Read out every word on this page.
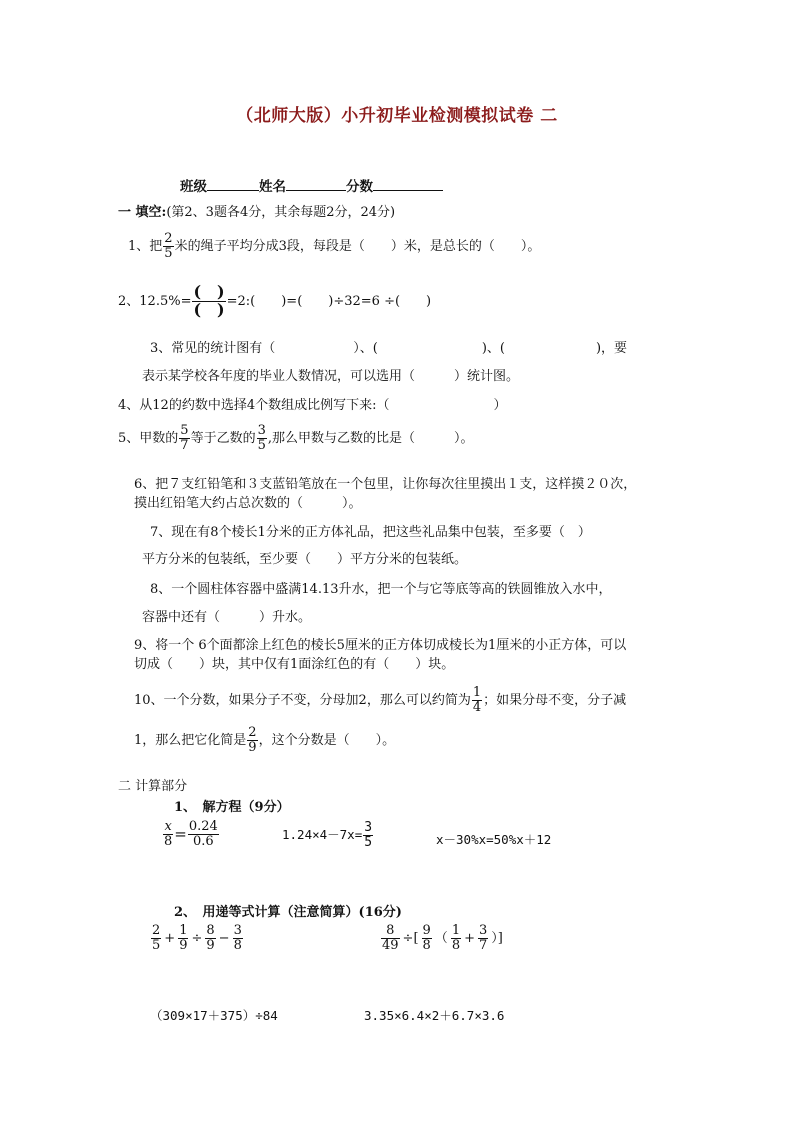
（北师大版）小升初毕业检测模拟试卷 二
班级	姓名	分数
一 填空:(第2、3题各4分，其余每题2分，24分)
1、把 $\frac{2}{5}$ 米的绳子平均分成3段，每段是（　　）米，是总长的（　　）。
2、$12.5\%= \frac{( )}{( )}$ =2:(　　)=(　　)÷32=6 ÷(　　)
3、常见的统计图有（　　　　　　）、(　　　　　　　　)、(　　　　　　　)，要
表示某学校各年度的毕业人数情况，可以选用（　　　）统计图。
4、从12的约数中选择4个数组成比例写下来:（　　　　　　　　）
5、甲数的 $\frac{5}{7}$ 等于乙数的 $\frac{3}{5}$ ,那么甲数与乙数的比是（　　　）。
6、把７支红铅笔和３支蓝铅笔放在一个包里，让你每次往里摸出１支，这样摸２０次，
摸出红铅笔大约占总次数的（　　　）。
7、现在有8个棱长1分米的正方体礼品，把这些礼品集中包装，至多要（　）
平方分米的包装纸，至少要（　　）平方分米的包装纸。
8、一个圆柱体容器中盛满14.13升水，把一个与它等底等高的铁圆锥放入水中，
容器中还有（　　　）升水。
9、将一个 6个面都涂上红色的棱长5厘米的正方体切成棱长为1厘米的小正方体，可以
切成（　　）块，其中仅有1面涂红色的有（　　）块。
10、一个分数，如果分子不变，分母加2，那么可以约简为 $\frac{1}{4}$ ；如果分母不变，分子减
1，那么把它化简是 $\frac{2}{9}$ ，这个分数是（　　）。
二 计算部分
1、　解方程（9分）
$\frac{x}{8} = \frac{0.24}{0.6}$	$1.24\times 4-7x= \frac{3}{5}$	x－30%x=50%x＋12
2、　用递等式计算（注意简算）(16分)
$\frac{2}{5} + \frac{1}{9} \div \frac{8}{9} - \frac{3}{8}$	$\frac{8}{49}$ ÷[ $\frac{9}{8}$ （ $\frac{1}{8} + \frac{3}{7}$ ）]
（309×17＋375）÷84	3.35×6.4×2＋6.7×3.6
